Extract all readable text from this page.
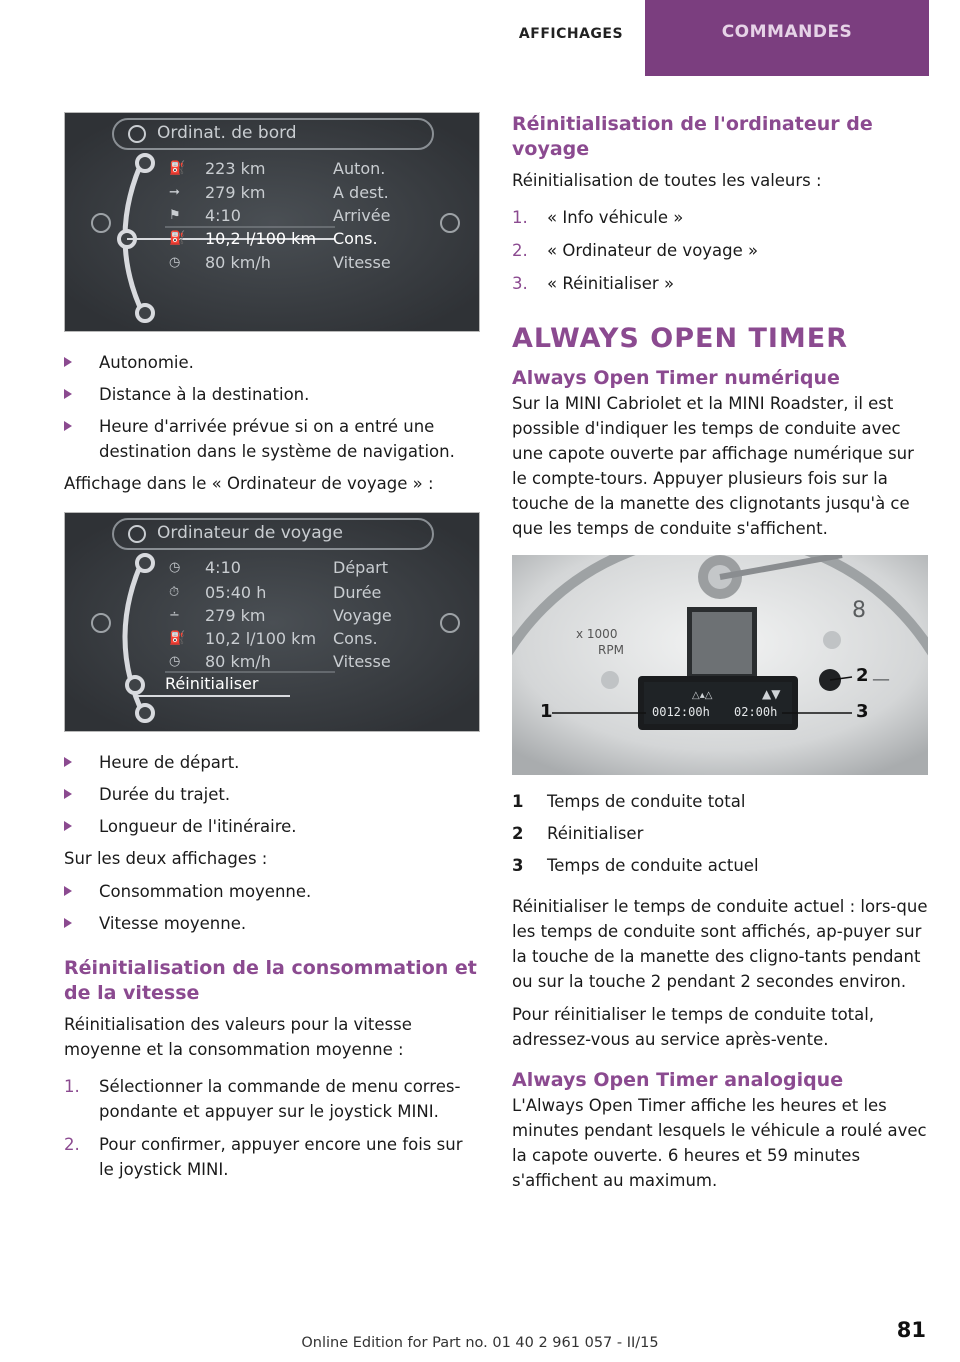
AFFICHAGES	COMMANDES
Ordinat. de bord
⛽ 223 km	Auton.
➞ 279 km	A dest.
⚑ 4:10	Arrivée
⛽ 10,2 l/100 km Cons.
◷ 80 km/h	Vitesse
Autonomie.
Distance à la destination.
Heure d'arrivée prévue si on a entré une destination dans le système de navigation.

Affichage dans le « Ordinateur de voyage » :

Ordinateur de voyage
◷ 4:10	Départ
⏱ 05:40 h	Durée
∸ 279 km	Voyage
⛽ 10,2 l/100 km Cons.
◷ 80 km/h	Vitesse
Réinitialiser
Heure de départ.
Durée du trajet.
Longueur de l'itinéraire.

Sur les deux affichages :

Consommation moyenne.
Vitesse moyenne.
Réinitialisation de la consommation et de la vitesse

Réinitialisation des valeurs pour la vitesse moyenne et la consommation moyenne :

1. Sélectionner la commande de menu corres‐pondante et appuyer sur le joystick MINI.
2. Pour confirmer, appuyer encore une fois sur le joystick MINI.
Réinitialisation de l'ordinateur de voyage

Réinitialisation de toutes les valeurs :

1. « Info véhicule »
2. « Ordinateur de voyage »
3. « Réinitialiser »
ALWAYS OPEN TIMER
Always Open Timer numérique

Sur la MINI Cabriolet et la MINI Roadster, il est possible d'indiquer les temps de conduite avec une capote ouverte par affichage numérique sur le compte-tours. Appuyer plusieurs fois sur la touche de la manette des clignotants jusqu'à ce que les temps de conduite s'affichent.

△▴△	▲▼
8
—
x 1000
RPM
0012:00h 02:00h
1
2
3
1 Temps de conduite total
2 Réinitialiser
3 Temps de conduite actuel

Réinitialiser le temps de conduite actuel : lors‐que les temps de conduite sont affichés, ap‐puyer sur la touche de la manette des cligno‐tants pendant ou sur la touche 2 pendant 2 secondes environ.

Pour réinitialiser le temps de conduite total, adressez-vous au service après-vente.

Always Open Timer analogique

L'Always Open Timer affiche les heures et les minutes pendant lesquels le véhicule a roulé avec la capote ouverte. 6 heures et 59 minutes s'affichent au maximum.

Online Edition for Part no. 01 40 2 961 057 - II/15
81
